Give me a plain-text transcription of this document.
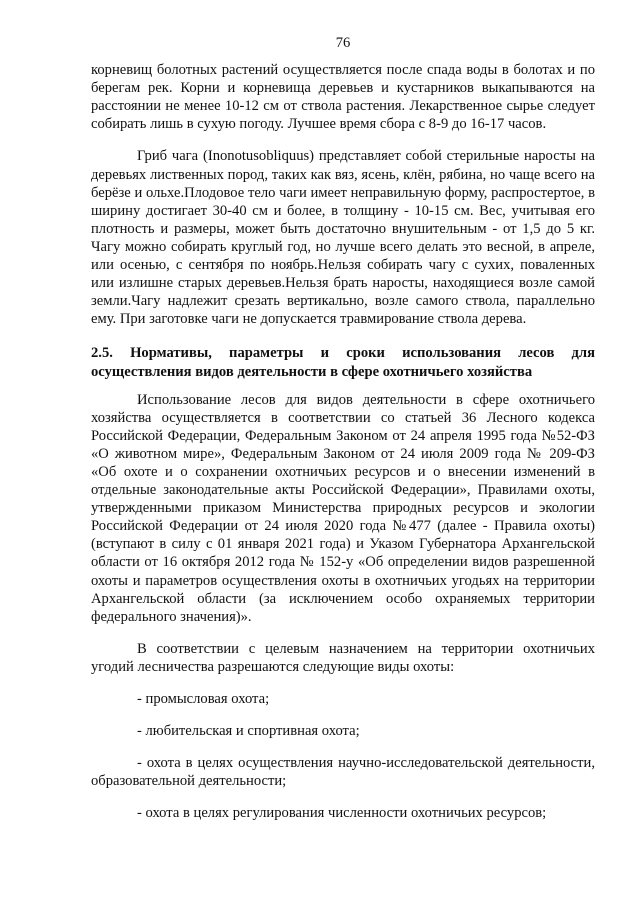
76

корневищ болотных растений осуществляется после спада воды в болотах и по берегам рек. Корни и корневища деревьев и кустарников выкапываются на расстоянии не менее 10-12 см от ствола растения. Лекарственное сырье следует собирать лишь в сухую погоду. Лучшее время сбора с 8-9 до 16-17 часов.

Гриб чага (Inonotusobliquus) представляет собой стерильные наросты на деревьях лиственных пород, таких как вяз, ясень, клён, рябина, но чаще всего на берёзе и ольхе.Плодовое тело чаги имеет неправильную форму, распростертое, в ширину достигает 30-40 см и более, в толщину - 10-15 см. Вес, учитывая его плотность и размеры, может быть достаточно внушительным - от 1,5 до 5 кг. Чагу можно собирать круглый год, но лучше всего делать это весной, в апреле, или осенью, с сентября по ноябрь.Нельзя собирать чагу с сухих, поваленных или излишне старых деревьев.Нельзя брать наросты, находящиеся возле самой земли.Чагу надлежит срезать вертикально, возле самого ствола, параллельно ему. При заготовке чаги не допускается травмирование ствола дерева.

2.5. Нормативы, параметры и сроки использования лесов для осуществления видов деятельности в сфере охотничьего хозяйства

Использование лесов для видов деятельности в сфере охотничьего хозяйства осуществляется в соответствии со статьей 36 Лесного кодекса Российской Федерации, Федеральным Законом от 24 апреля 1995 года №52-ФЗ «О животном мире», Федеральным Законом от 24 июля 2009 года № 209-ФЗ «Об охоте и о сохранении охотничьих ресурсов и о внесении изменений в отдельные законодательные акты Российской Федерации», Правилами охоты, утвержденными приказом Министерства природных ресурсов и экологии Российской Федерации от 24 июля 2020 года №477 (далее - Правила охоты) (вступают в силу с 01 января 2021 года) и Указом Губернатора Архангельской области от 16 октября 2012 года № 152-у «Об определении видов разрешенной охоты и параметров осуществления охоты в охотничьих угодьях на территории Архангельской области (за исключением особо охраняемых территории федерального значения)».

В соответствии с целевым назначением на территории охотничьих угодий лесничества разрешаются следующие виды охоты:

- промысловая охота;

- любительская и спортивная охота;

- охота в целях осуществления научно-исследовательской деятельности, образовательной деятельности;

- охота в целях регулирования численности охотничьих ресурсов;
